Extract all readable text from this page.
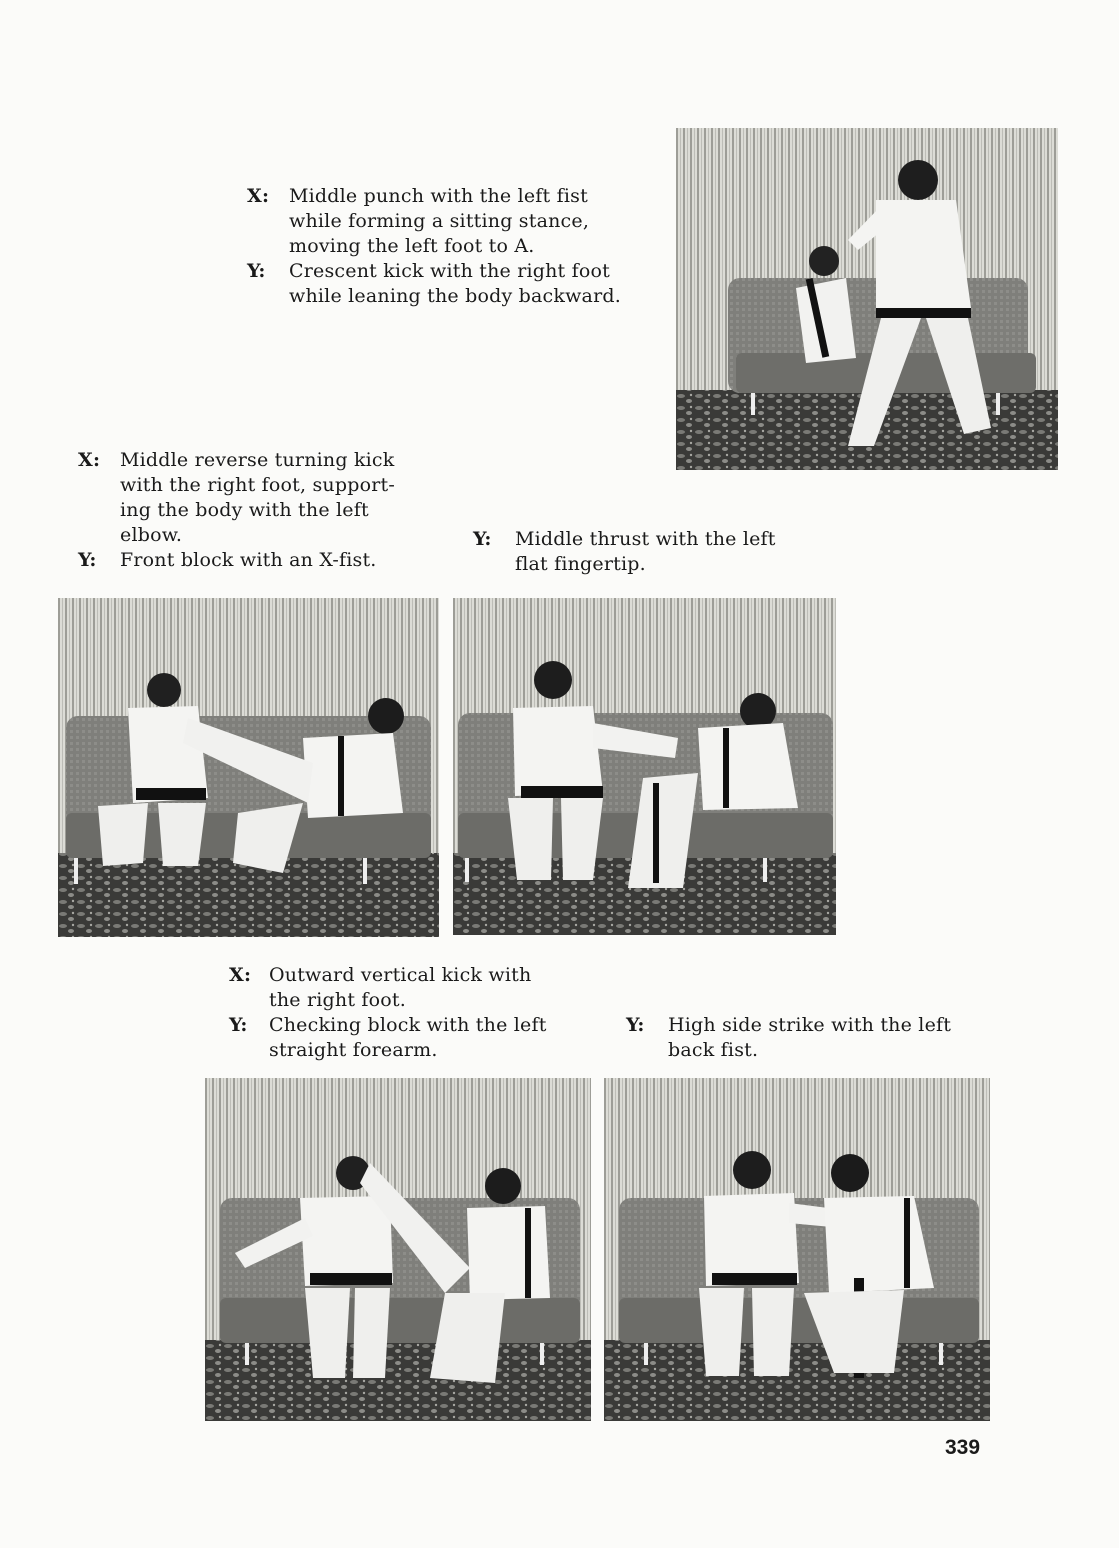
X:	Middle punch with the left fist
while forming a sitting stance,
moving the left foot to A.
Y:	Crescent kick with the right foot
while leaning the body backward.
X:	Middle reverse turning kick
with the right foot, support-
ing the body with the left
elbow.
Y:	Front block with an X-fist.
Y:	Middle thrust with the left
flat fingertip.
X: Outward vertical kick with
the right foot.
Y:	Checking block with the left
straight forearm.
Y:	High side strike with the left
back fist.
339
